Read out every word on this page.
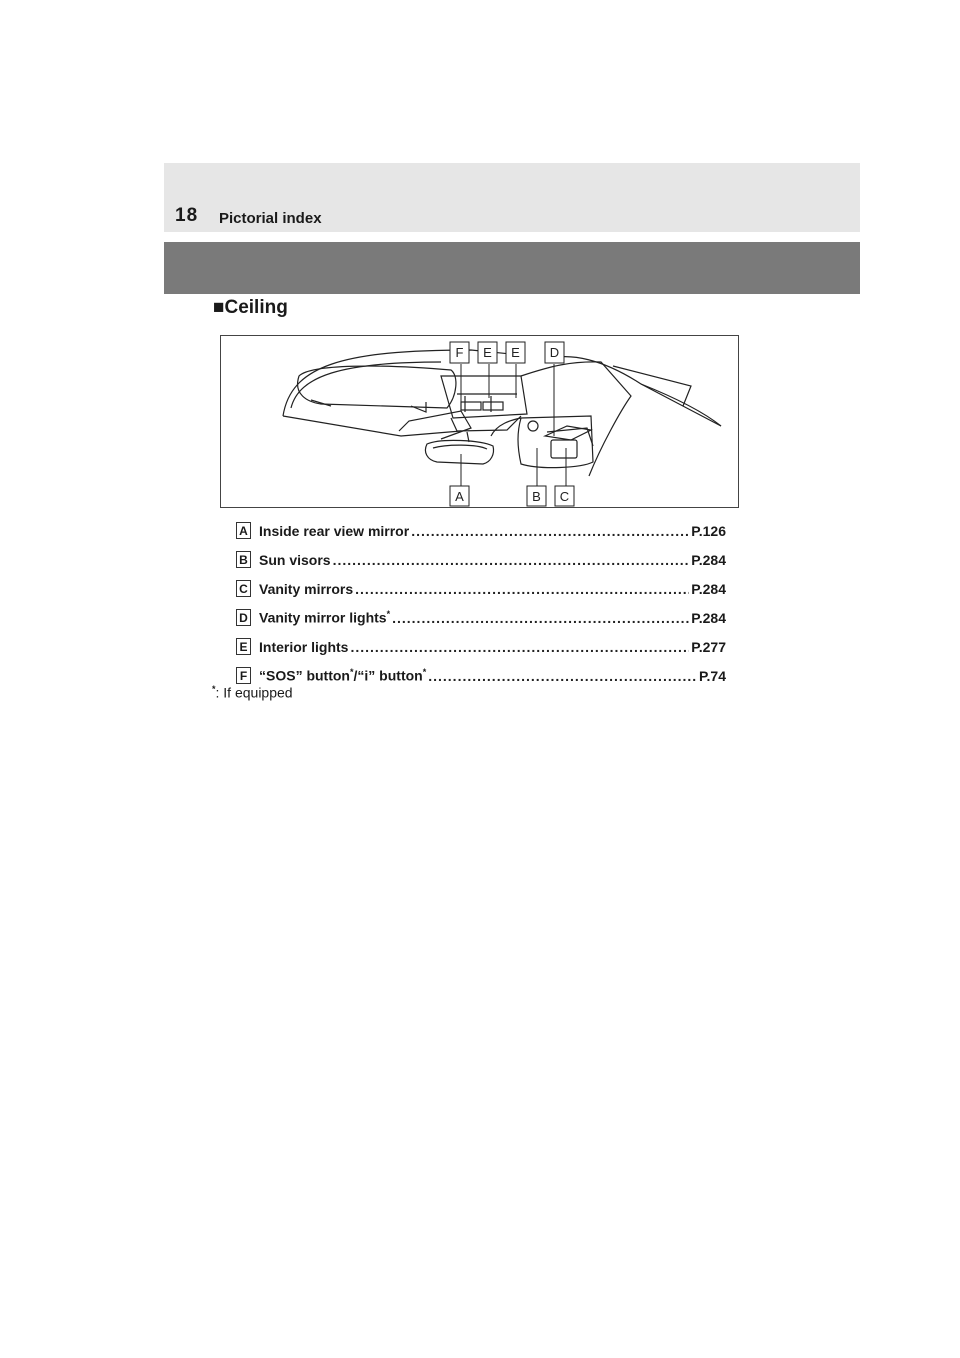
18 Pictorial index
■Ceiling
F E E D
A	B C
A Inside rear view mirror .....	P.126
B Sun visors .....	P.284
C Vanity mirrors .....	P.284
D Vanity mirror lights* .....	P.284
E Interior lights .....	P.277
F “SOS” button*/“i” button* .....	P.74
*: If equipped
